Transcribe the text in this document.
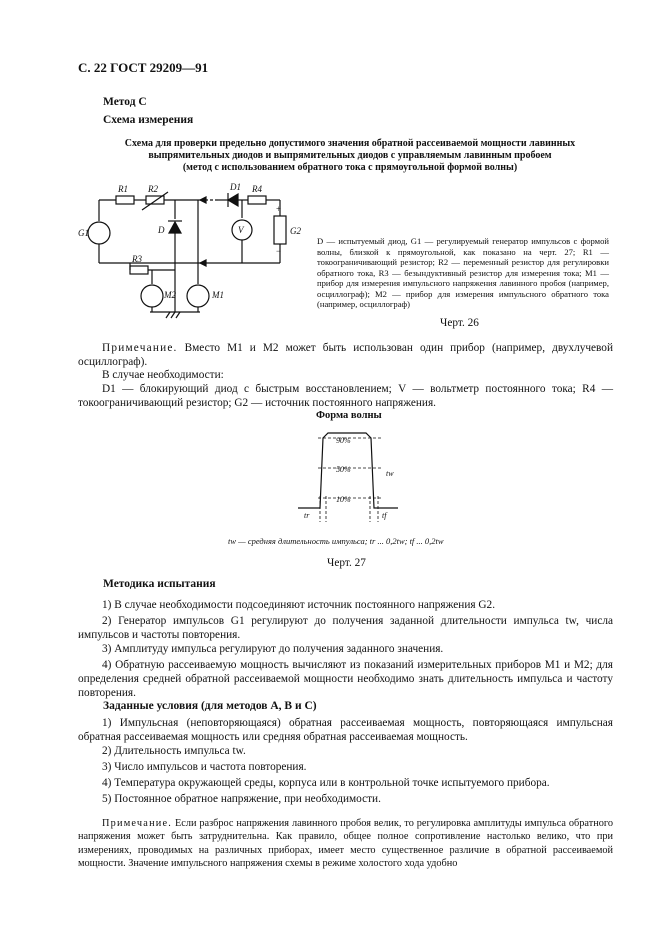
С. 22 ГОСТ 29209—91
Метод С
Схема измерения
Схема для проверки предельно допустимого значения обратной рассеиваемой мощности лавинных
выпрямительных диодов и выпрямительных диодов с управляемым лавинным пробоем
(метод с использованием обратного тока с прямоугольной формой волны)
R1 R2
R3
R4
D
D1
G1	G2
V
M1
M2
+
−
D — испытуемый диод, G1 — регулируемый генератор импульсов с формой волны, близкой к прямоугольной, как показано на черт. 27; R1 — токоограничивающий резистор; R2 — переменный резистор для регулировки обратного тока, R3 — безындуктивный резистор для измерения тока; M1 — прибор для измерения импульсного напряжения лавинного пробоя (например, осциллограф); M2 — прибор для измерения импульсного обратного тока (например, осциллограф)
Черт. 26
Примечание. Вместо M1 и M2 может быть использован один прибор (например, двухлучевой осциллограф).
В случае необходимости:
D1 — блокирующий диод с быстрым восстановлением; V — вольтметр постоянного тока; R4 — токоограничивающий резистор; G2 — источник постоянного напряжения.
Форма волны
90%
50%
10%
tw
tr	tf
tw — средняя длительность импульса; tr ... 0,2tw; tf ... 0,2tw
Черт. 27
Методика испытания
1) В случае необходимости подсоединяют источник постоянного напряжения G2.
2) Генератор импульсов G1 регулируют до получения заданной длительности импульса tw, числа импульсов и частоты повторения.
3) Амплитуду импульса регулируют до получения заданного значения.
4) Обратную рассеиваемую мощность вычисляют из показаний измерительных приборов M1 и M2; для определения средней обратной рассеиваемой мощности необходимо знать длительность импульса и частоту повторения.
Заданные условия (для методов А, В и С)
1) Импульсная (неповторяющаяся) обратная рассеиваемая мощность, повторяющаяся импульсная обратная рассеиваемая мощность или средняя обратная рассеиваемая мощность.
2) Длительность импульса tw.
3) Число импульсов и частота повторения.
4) Температура окружающей среды, корпуса или в контрольной точке испытуемого прибора.
5) Постоянное обратное напряжение, при необходимости.
Примечание. Если разброс напряжения лавинного пробоя велик, то регулировка амплитуды импульса обратного напряжения может быть затруднительна. Как правило, общее полное сопротивление настолько велико, что при измерениях, проводимых на различных приборах, имеет место существенное различие в обратной рассеиваемой мощности. Значение импульсного напряжения схемы в режиме холостого хода удобно
